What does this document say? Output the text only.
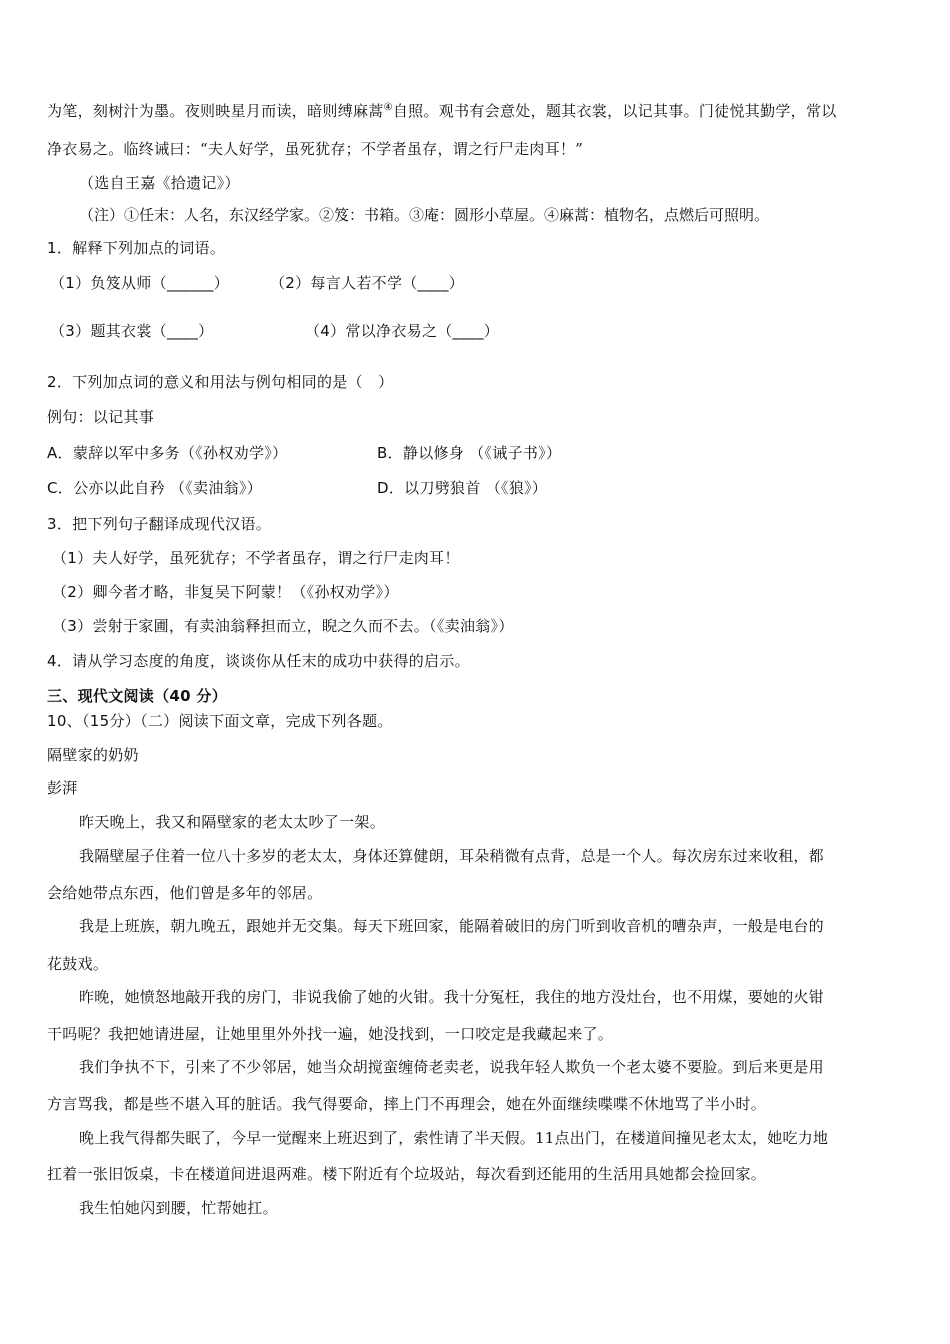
为笔，刻树汁为墨。夜则映星月而读，暗则缚麻蒿④自照。观书有会意处，题其衣裳，以记其事。门徒悦其勤学，常以
净衣易之。临终诫曰：“夫人好学，虽死犹存；不学者虽存，谓之行尸走肉耳！”
（选自王嘉《拾遗记》）
（注）①任末：人名，东汉经学家。②笈：书箱。③庵：圆形小草屋。④麻蒿：植物名，点燃后可照明。
1．解释下列加点的词语。
（1）负笈从师（______）	（2）每言人若不学（____）
（3）题其衣裳（____）	（4）常以净衣易之（____）
2．下列加点词的意义和用法与例句相同的是（　）
例句：以记其事
A．蒙辞以军中多务（《孙权劝学》）	B．静以修身 （《诫子书》）
C．公亦以此自矜 （《卖油翁》）	D．以刀劈狼首 （《狼》）
3．把下列句子翻译成现代汉语。
（1）夫人好学，虽死犹存；不学者虽存，谓之行尸走肉耳！
（2）卿今者才略，非复吴下阿蒙！（《孙权劝学》）
（3）尝射于家圃，有卖油翁释担而立，睨之久而不去。（《卖油翁》）
4．请从学习态度的角度，谈谈你从任末的成功中获得的启示。
三、现代文阅读（40 分）
10、（15分）（二）阅读下面文章，完成下列各题。
隔壁家的奶奶
彭湃
昨天晚上，我又和隔壁家的老太太吵了一架。
我隔壁屋子住着一位八十多岁的老太太，身体还算健朗，耳朵稍微有点背，总是一个人。每次房东过来收租，都
会给她带点东西，他们曾是多年的邻居。
我是上班族，朝九晚五，跟她并无交集。每天下班回家，能隔着破旧的房门听到收音机的嘈杂声，一般是电台的
花鼓戏。
昨晚，她愤怒地敲开我的房门，非说我偷了她的火钳。我十分冤枉，我住的地方没灶台，也不用煤，要她的火钳
干吗呢？我把她请进屋，让她里里外外找一遍，她没找到，一口咬定是我藏起来了。
我们争执不下，引来了不少邻居，她当众胡搅蛮缠倚老卖老，说我年轻人欺负一个老太婆不要脸。到后来更是用
方言骂我，都是些不堪入耳的脏话。我气得要命，摔上门不再理会，她在外面继续喋喋不休地骂了半小时。
晚上我气得都失眠了，今早一觉醒来上班迟到了，索性请了半天假。11点出门，在楼道间撞见老太太，她吃力地
扛着一张旧饭桌，卡在楼道间进退两难。楼下附近有个垃圾站，每次看到还能用的生活用具她都会捡回家。
我生怕她闪到腰，忙帮她扛。
